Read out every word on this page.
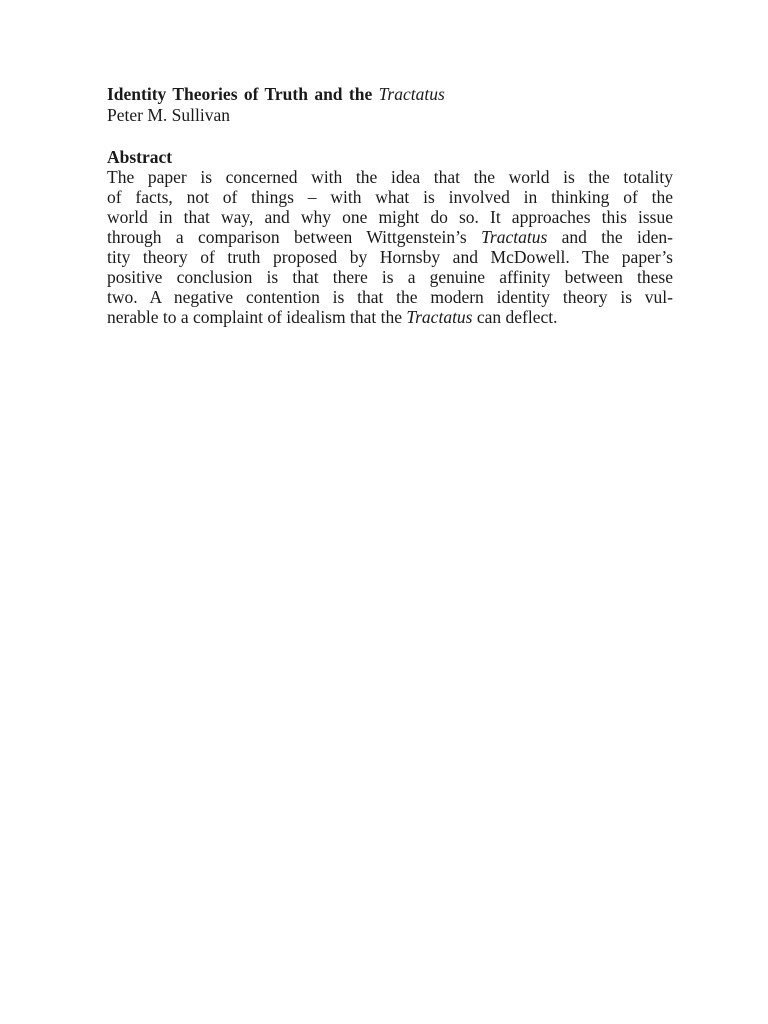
Identity Theories of Truth and the Tractatus

Peter M. Sullivan

Abstract

The paper is concerned with the idea that the world is the totality
of facts, not of things – with what is involved in thinking of the
world in that way, and why one might do so. It approaches this issue
through a comparison between Wittgenstein’s Tractatus and the iden-
tity theory of truth proposed by Hornsby and McDowell. The paper’s
positive conclusion is that there is a genuine affinity between these
two. A negative contention is that the modern identity theory is vul-
nerable to a complaint of idealism that the Tractatus can deflect.
